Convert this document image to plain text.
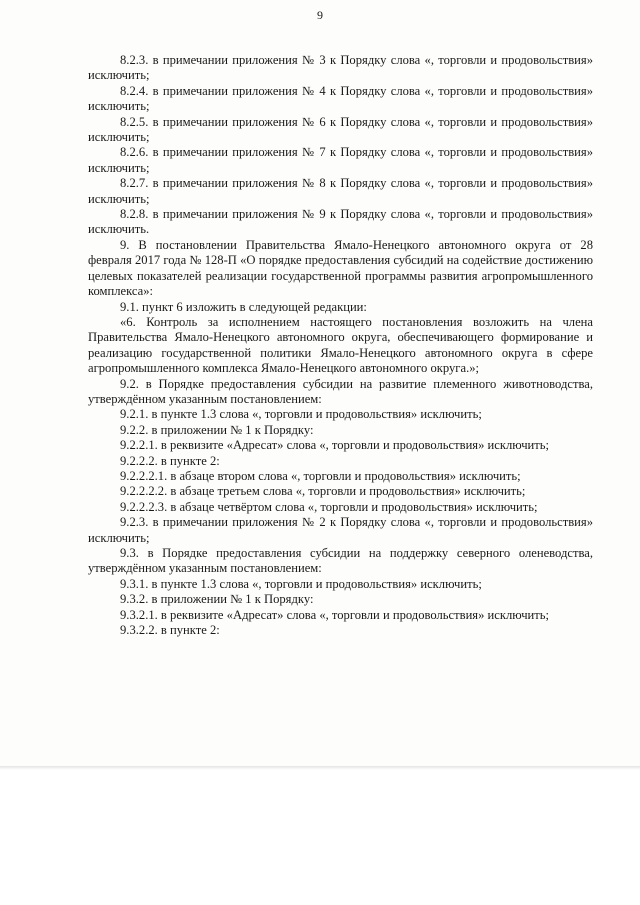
9

8.2.3. в примечании приложения № 3 к Порядку слова «, торговли и продовольствия» исключить;

8.2.4. в примечании приложения № 4 к Порядку слова «, торговли и продовольствия» исключить;

8.2.5. в примечании приложения № 6 к Порядку слова «, торговли и продовольствия» исключить;

8.2.6. в примечании приложения № 7 к Порядку слова «, торговли и продовольствия» исключить;

8.2.7. в примечании приложения № 8 к Порядку слова «, торговли и продовольствия» исключить;

8.2.8. в примечании приложения № 9 к Порядку слова «, торговли и продовольствия» исключить.

9. В постановлении Правительства Ямало-Ненецкого автономного округа от 28 февраля 2017 года № 128-П «О порядке предоставления субсидий на содействие достижению целевых показателей реализации государственной программы развития агропромышленного комплекса»:

9.1. пункт 6 изложить в следующей редакции:

«6. Контроль за исполнением настоящего постановления возложить на члена Правительства Ямало-Ненецкого автономного округа, обеспечивающего формирование и реализацию государственной политики Ямало-Ненецкого автономного округа в сфере агропромышленного комплекса Ямало-Ненецкого автономного округа.»;

9.2. в Порядке предоставления субсидии на развитие племенного животноводства, утверждённом указанным постановлением:

9.2.1. в пункте 1.3 слова «, торговли и продовольствия» исключить;

9.2.2. в приложении № 1 к Порядку:

9.2.2.1. в реквизите «Адресат» слова «, торговли и продовольствия» исключить;

9.2.2.2. в пункте 2:

9.2.2.2.1. в абзаце втором слова «, торговли и продовольствия» исключить;

9.2.2.2.2. в абзаце третьем слова «, торговли и продовольствия» исключить;

9.2.2.2.3. в абзаце четвёртом слова «, торговли и продовольствия» исключить;

9.2.3. в примечании приложения № 2 к Порядку слова «, торговли и продовольствия» исключить;

9.3. в Порядке предоставления субсидии на поддержку северного оленеводства, утверждённом указанным постановлением:

9.3.1. в пункте 1.3 слова «, торговли и продовольствия» исключить;

9.3.2. в приложении № 1 к Порядку:

9.3.2.1. в реквизите «Адресат» слова «, торговли и продовольствия» исключить;

9.3.2.2. в пункте 2:
